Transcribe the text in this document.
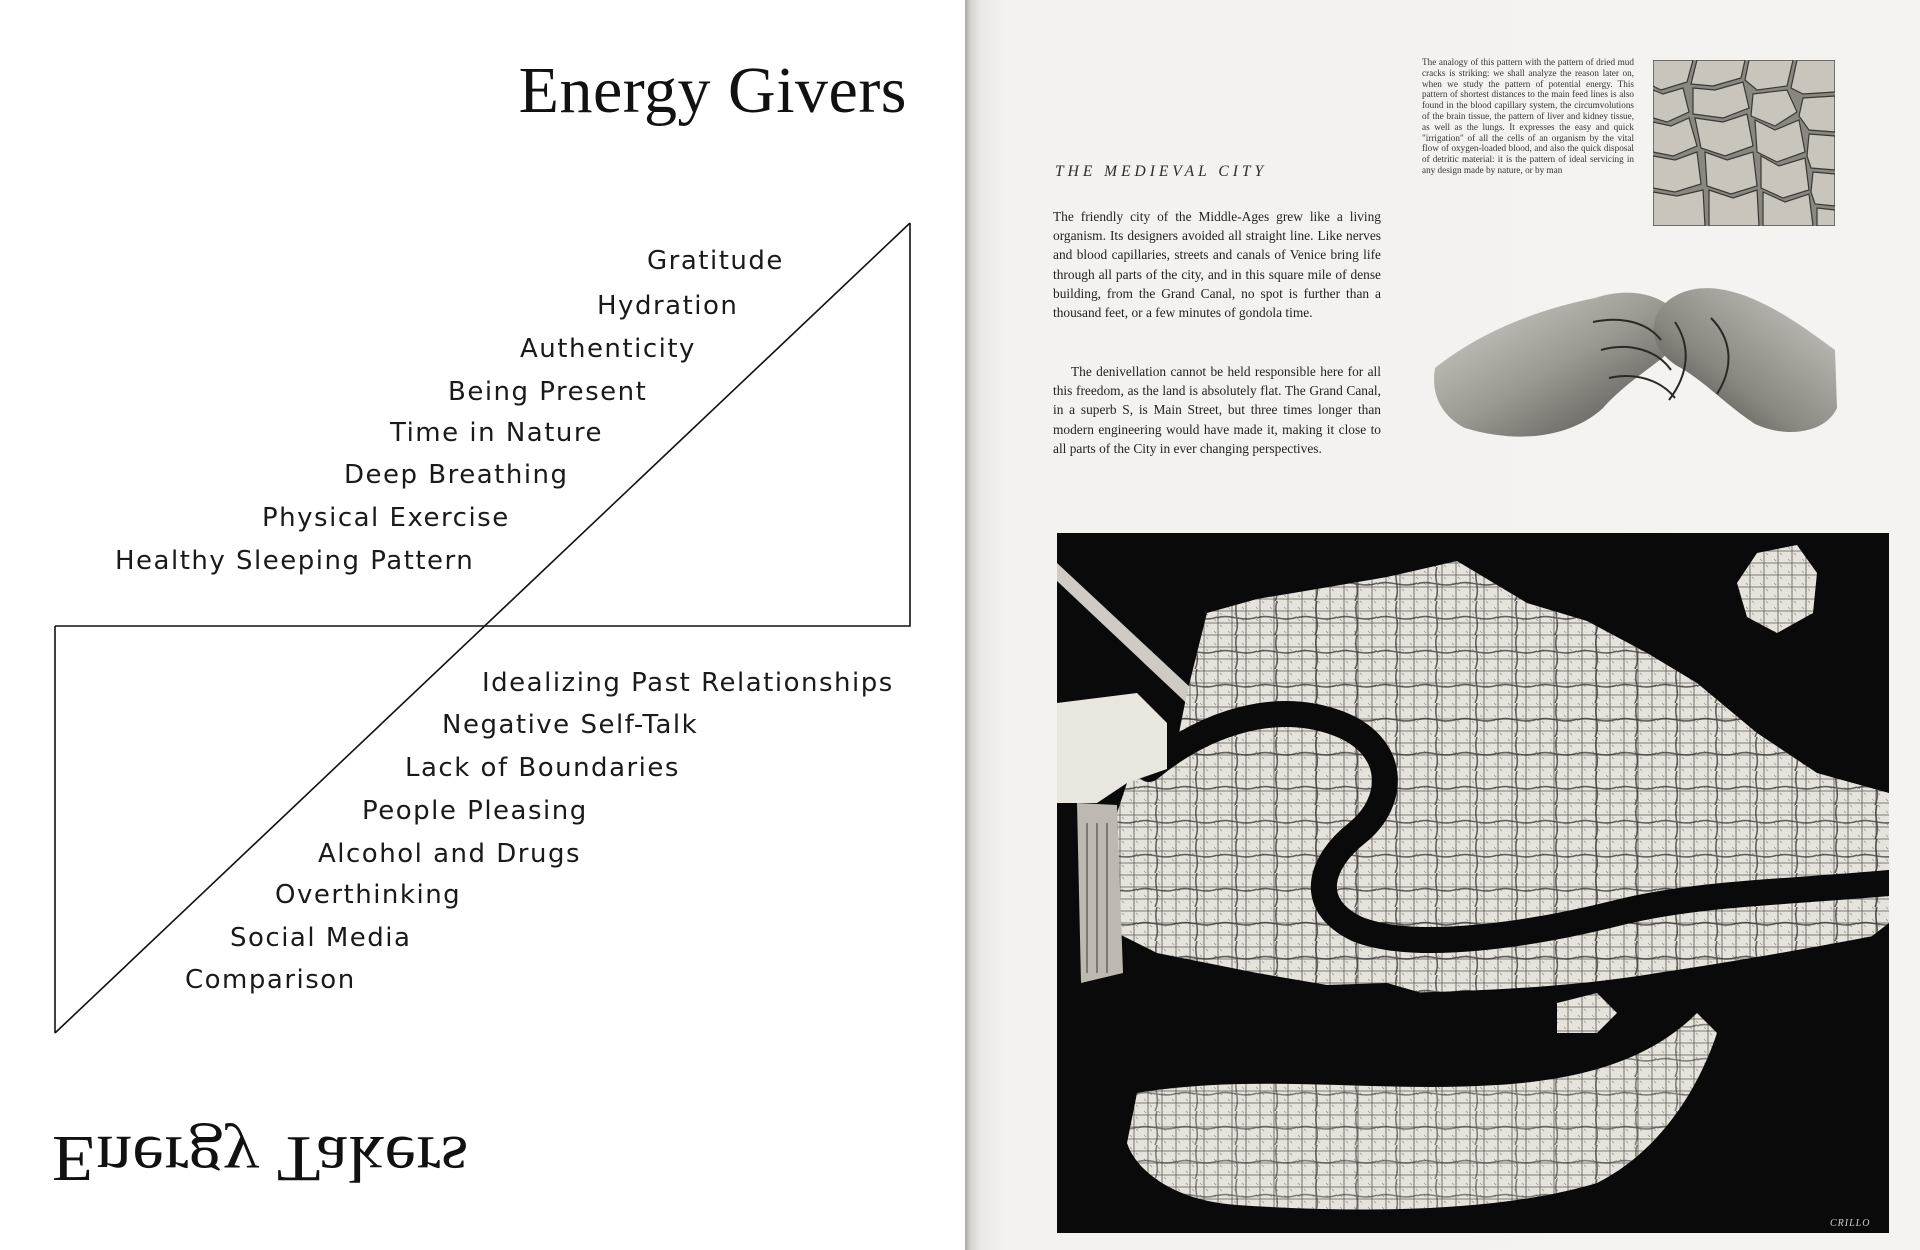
Energy Givers
Gratitude
Hydration
Authenticity
Being Present
Time in Nature
Deep Breathing
Physical Exercise
Healthy Sleeping Pattern
Idealizing Past Relationships
Negative Self-Talk
Lack of Boundaries
People Pleasing
Alcohol and Drugs
Overthinking
Social Media
Comparison
Energy Takers
The analogy of this pattern with the pattern of dried mud cracks is striking: we shall analyze the reason later on, when we study the pattern of potential energy. This pattern of shortest distances to the main feed lines is also found in the blood capillary system, the circumvolutions of the brain tissue, the pattern of liver and kidney tissue, as well as the lungs. It expresses the easy and quick "irrigation" of all the cells of an organism by the vital flow of oxygen-loaded blood, and also the quick disposal of detritic material: it is the pattern of ideal servicing in any design made by nature, or by man
THE MEDIEVAL CITY
The friendly city of the Middle-Ages grew like a living organism. Its designers avoided all straight line. Like nerves and blood capillaries, streets and canals of Venice bring life through all parts of the city, and in this square mile of dense building, from the Grand Canal, no spot is further than a thousand feet, or a few minutes of gondola time.
The denivellation cannot be held responsible here for all this freedom, as the land is absolutely flat. The Grand Canal, in a superb S, is Main Street, but three times longer than modern engineering would have made it, making it close to all parts of the City in ever changing perspectives.
CRILLO
